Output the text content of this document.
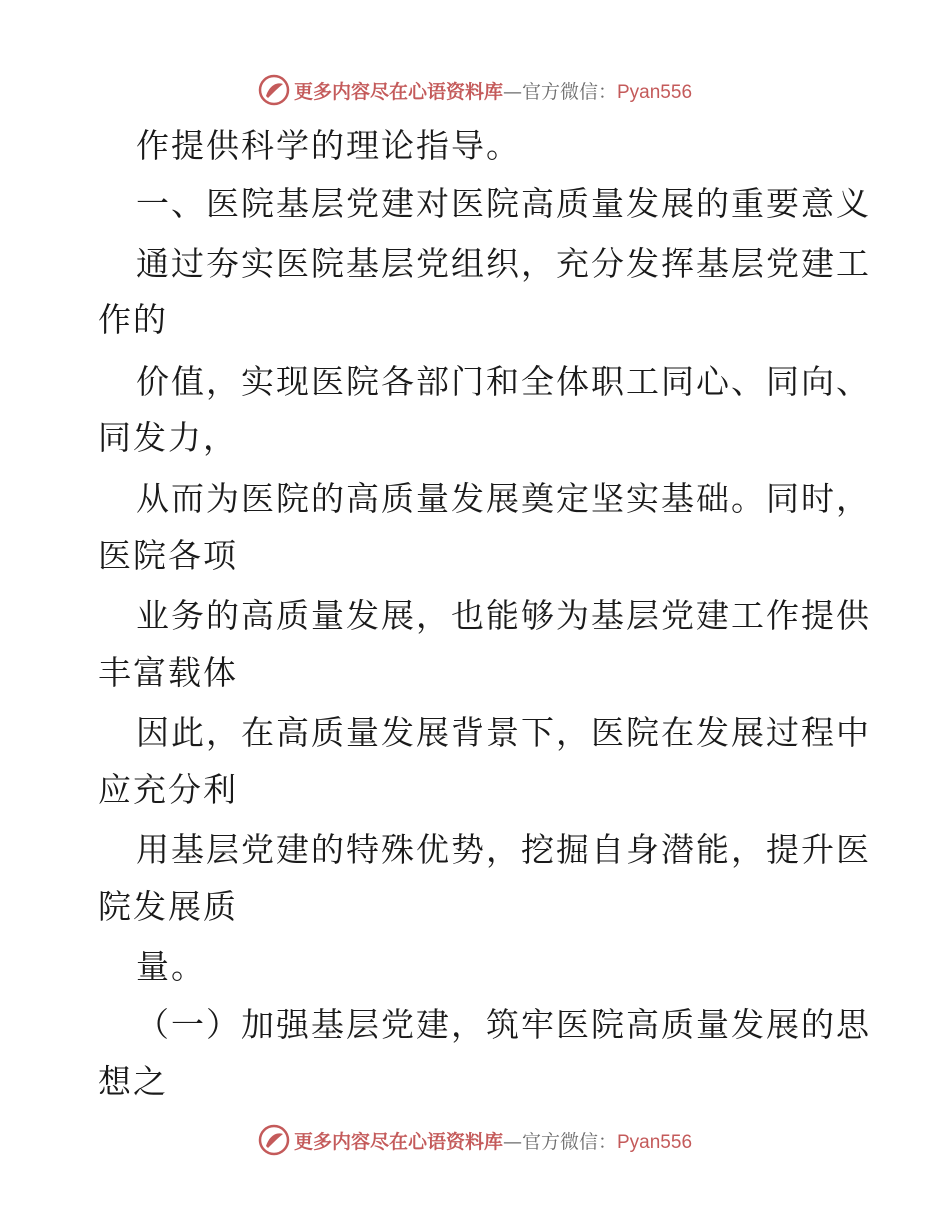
更多内容尽在心语资料库 — 官方微信： Pyan556
作提供科学的理论指导。
一、医院基层党建对医院高质量发展的重要意义
通过夯实医院基层党组织，充分发挥基层党建工
作的
价值，实现医院各部门和全体职工同心、同向、
同发力，
从而为医院的高质量发展奠定坚实基础。同时，
医院各项
业务的高质量发展，也能够为基层党建工作提供
丰富载体
因此，在高质量发展背景下，医院在发展过程中
应充分利
用基层党建的特殊优势，挖掘自身潜能，提升医
院发展质
量。
（一）加强基层党建，筑牢医院高质量发展的思
想之
更多内容尽在心语资料库 — 官方微信： Pyan556
